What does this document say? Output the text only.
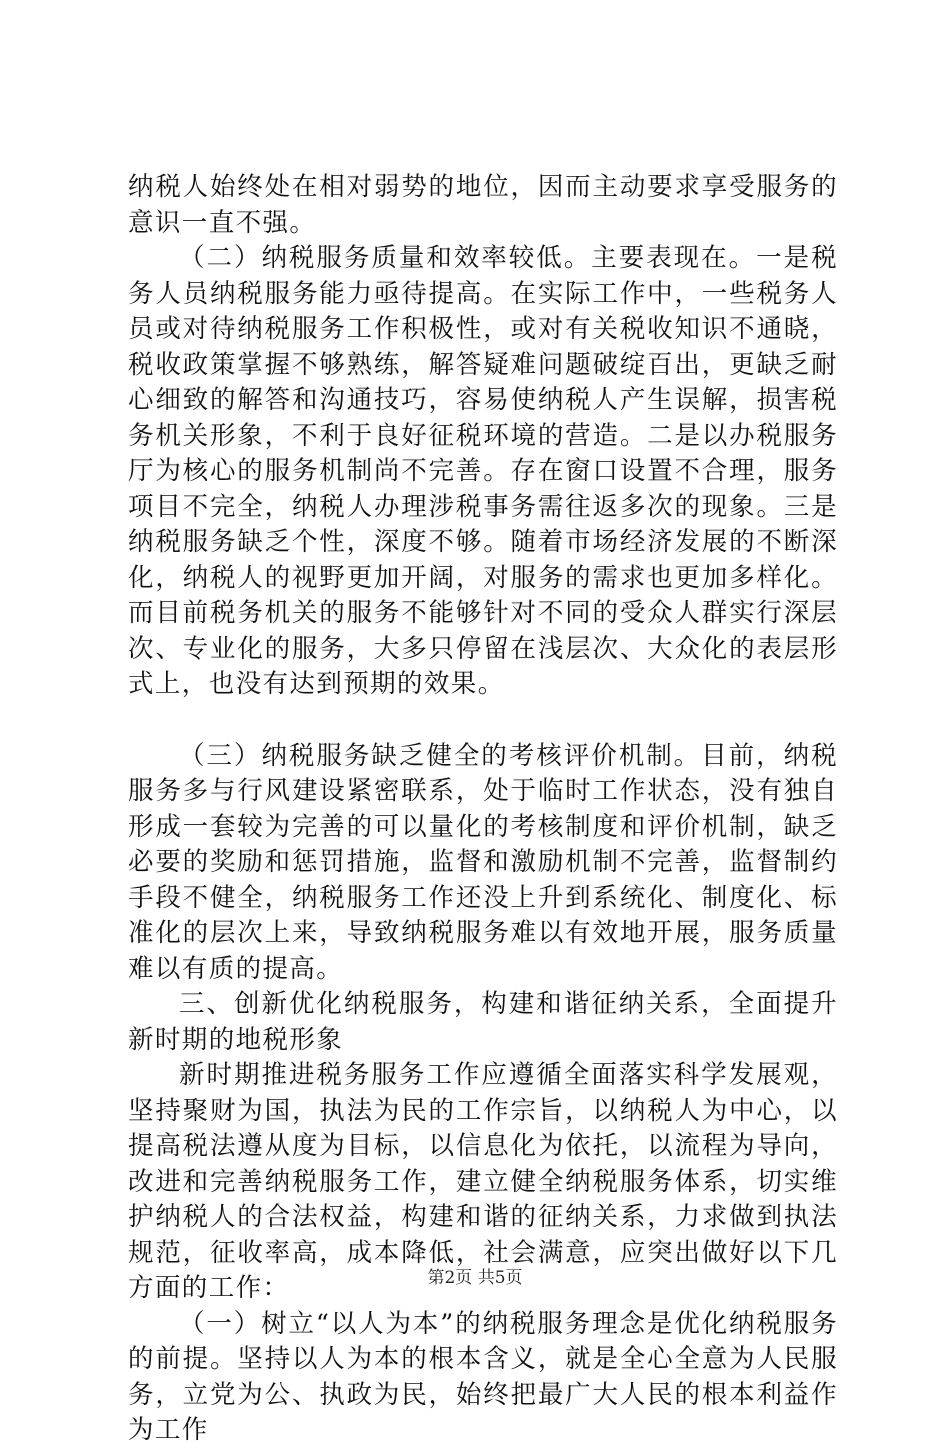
纳税人始终处在相对弱势的地位，因而主动要求享受服务的意识一直不强。

（二）纳税服务质量和效率较低。主要表现在。一是税务人员纳税服务能力亟待提高。在实际工作中，一些税务人员或对待纳税服务工作积极性，或对有关税收知识不通晓，税收政策掌握不够熟练，解答疑难问题破绽百出，更缺乏耐心细致的解答和沟通技巧，容易使纳税人产生误解，损害税务机关形象，不利于良好征税环境的营造。二是以办税服务厅为核心的服务机制尚不完善。存在窗口设置不合理，服务项目不完全，纳税人办理涉税事务需往返多次的现象。三是纳税服务缺乏个性，深度不够。随着市场经济发展的不断深化，纳税人的视野更加开阔，对服务的需求也更加多样化。而目前税务机关的服务不能够针对不同的受众人群实行深层次、专业化的服务，大多只停留在浅层次、大众化的表层形式上，也没有达到预期的效果。

（三）纳税服务缺乏健全的考核评价机制。目前，纳税服务多与行风建设紧密联系，处于临时工作状态，没有独自形成一套较为完善的可以量化的考核制度和评价机制，缺乏必要的奖励和惩罚措施，监督和激励机制不完善，监督制约手段不健全，纳税服务工作还没上升到系统化、制度化、标准化的层次上来，导致纳税服务难以有效地开展，服务质量难以有质的提高。

三、创新优化纳税服务，构建和谐征纳关系，全面提升新时期的地税形象

新时期推进税务服务工作应遵循全面落实科学发展观，坚持聚财为国，执法为民的工作宗旨，以纳税人为中心，以提高税法遵从度为目标，以信息化为依托，以流程为导向，改进和完善纳税服务工作，建立健全纳税服务体系，切实维护纳税人的合法权益，构建和谐的征纳关系，力求做到执法规范，征收率高，成本降低，社会满意，应突出做好以下几方面的工作：

（一）树立“以人为本”的纳税服务理念是优化纳税服务的前提。坚持以人为本的根本含义，就是全心全意为人民服务，立党为公、执政为民，始终把最广大人民的根本利益作为工作

第2页 共5页
